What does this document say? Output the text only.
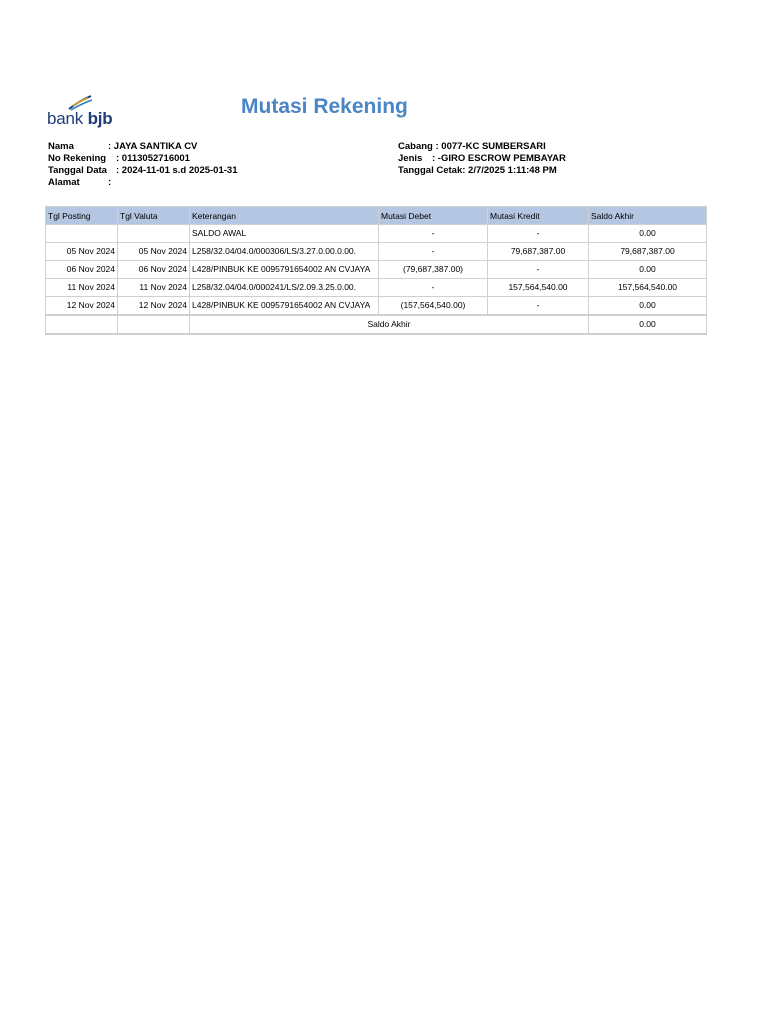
bank bjb
Mutasi Rekening
Nama	: JAYA SANTIKA CV
No Rekening: 0113052716001
Tanggal Data: 2024-11-01 s.d 2025-01-31
Alamat	:
Cabang : 0077-KC SUMBERSARI
Jenis: -GIRO ESCROW PEMBAYAR
Tanggal Cetak: 2/7/2025 1:11:48 PM
Tgl Posting	Tgl Valuta	Keterangan	Mutasi Debet	Mutasi Kredit	Saldo Akhir
		SALDO AWAL	-	-	0.00
05 Nov 2024	05 Nov 2024	L258/32.04/04.0/000306/LS/3.27.0.00.0.00.	-	79,687,387.00	79,687,387.00
06 Nov 2024	06 Nov 2024	L428/PINBUK KE 0095791654002 AN CVJAYA	(79,687,387.00)	-	0.00
11 Nov 2024	11 Nov 2024	L258/32.04/04.0/000241/LS/2.09.3.25.0.00.	-	157,564,540.00	157,564,540.00
12 Nov 2024	12 Nov 2024	L428/PINBUK KE 0095791654002 AN CVJAYA	(157,564,540.00)	-	0.00
		Saldo Akhir			0.00
